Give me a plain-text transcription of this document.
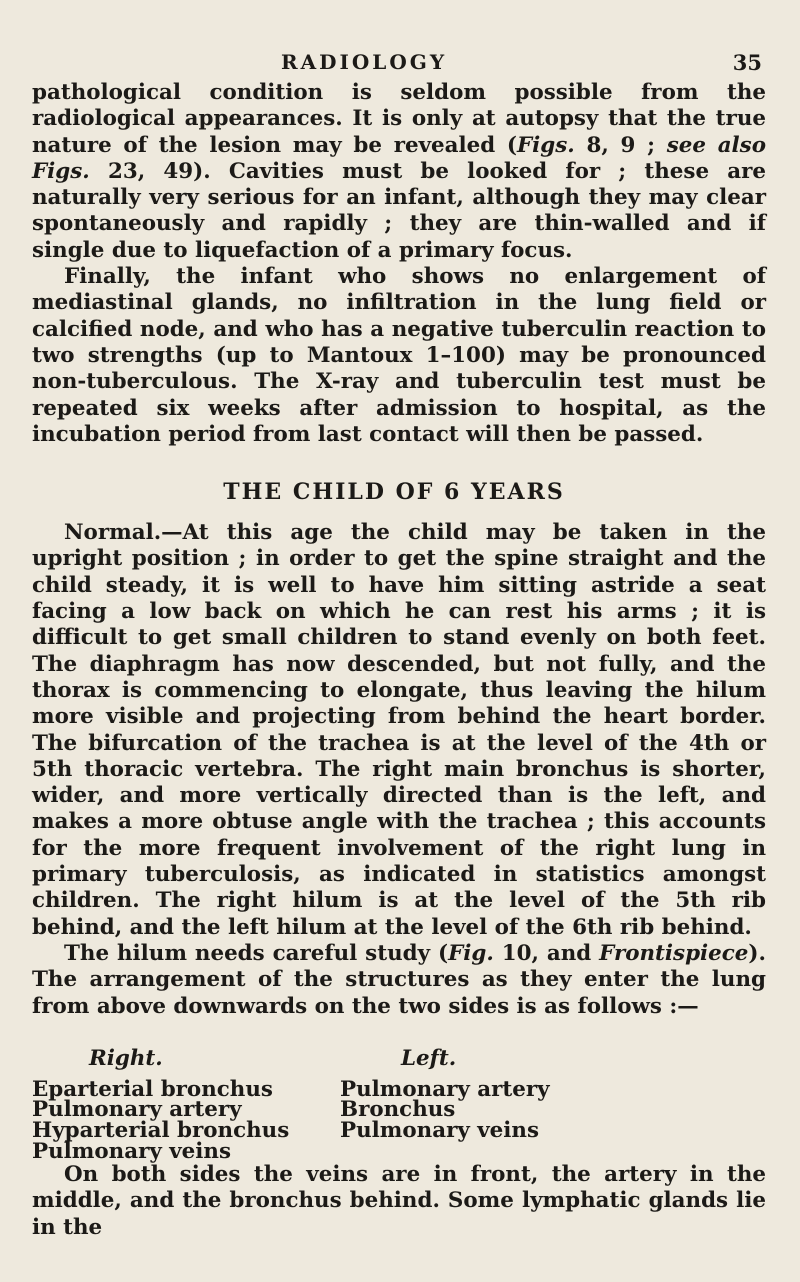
RADIOLOGY	35

pathological condition is seldom possible from the radiological appearances. It is only at autopsy that the true nature of the lesion may be revealed (Figs. 8, 9 ; see also Figs. 23, 49). Cavities must be looked for ; these are naturally very serious for an infant, although they may clear spontaneously and rapidly ; they are thin-walled and if single due to liquefaction of a primary focus.

Finally, the infant who shows no enlargement of mediastinal glands, no infiltration in the lung field or calcified node, and who has a negative tuberculin reaction to two strengths (up to Mantoux 1–100) may be pronounced non-tuberculous. The X-ray and tuberculin test must be repeated six weeks after admission to hospital, as the incubation period from last contact will then be passed.

THE CHILD OF 6 YEARS

Normal.—At this age the child may be taken in the upright position ; in order to get the spine straight and the child steady, it is well to have him sitting astride a seat facing a low back on which he can rest his arms ; it is difficult to get small children to stand evenly on both feet. The diaphragm has now descended, but not fully, and the thorax is commencing to elongate, thus leaving the hilum more visible and projecting from behind the heart border. The bifurcation of the trachea is at the level of the 4th or 5th thoracic vertebra. The right main bronchus is shorter, wider, and more vertically directed than is the left, and makes a more obtuse angle with the trachea ; this accounts for the more frequent involvement of the right lung in primary tuberculosis, as indicated in statistics amongst children. The right hilum is at the level of the 5th rib behind, and the left hilum at the level of the 6th rib behind.

The hilum needs careful study (Fig. 10, and Frontispiece). The arrangement of the structures as they enter the lung from above downwards on the two sides is as follows :—

Right.
Eparterial bronchus
Pulmonary artery
Hyparterial bronchus
Pulmonary veins
Left.
Pulmonary artery
Bronchus
Pulmonary veins

On both sides the veins are in front, the artery in the middle, and the bronchus behind. Some lymphatic glands lie in the
